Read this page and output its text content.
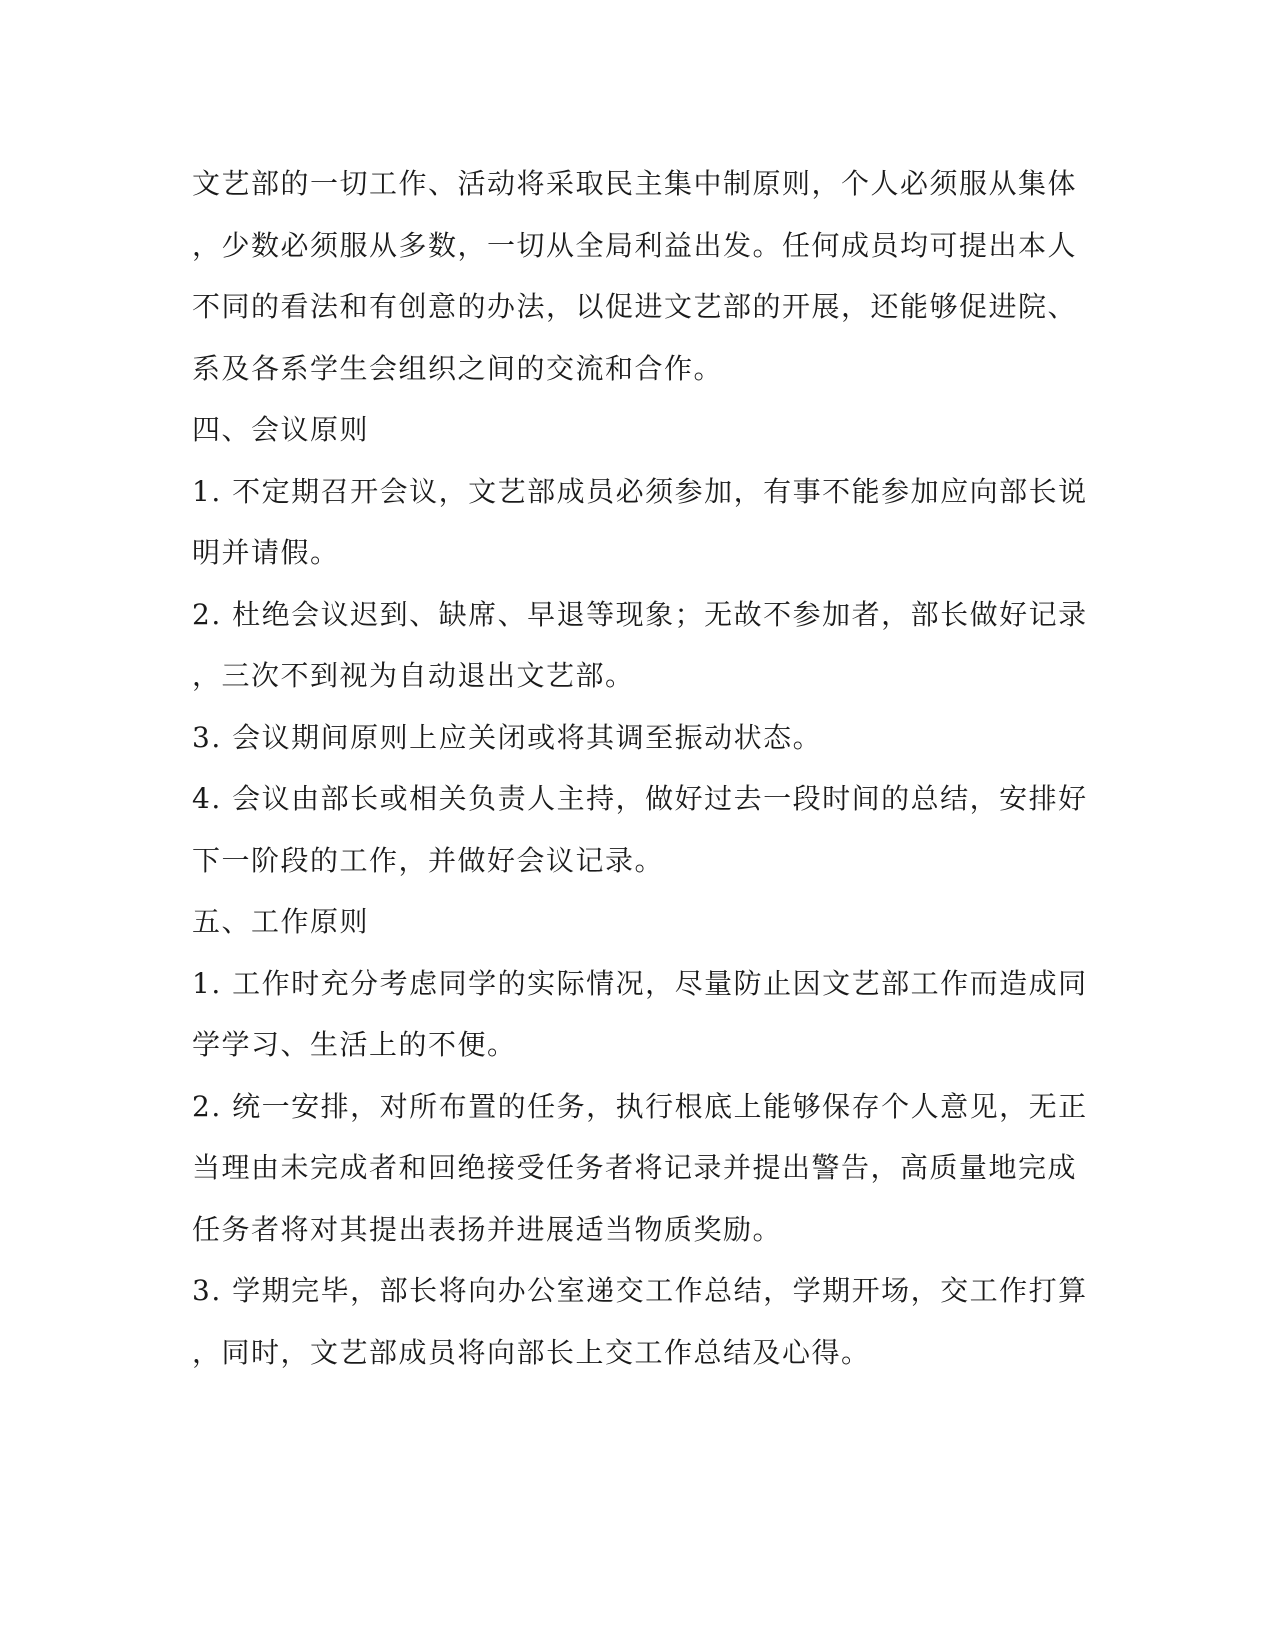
文艺部的一切工作、活动将采取民主集中制原则，个人必须服从集体
，少数必须服从多数，一切从全局利益出发。任何成员均可提出本人
不同的看法和有创意的办法，以促进文艺部的开展，还能够促进院、
系及各系学生会组织之间的交流和合作。
四、会议原则
1. 不定期召开会议，文艺部成员必须参加，有事不能参加应向部长说
明并请假。
2. 杜绝会议迟到、缺席、早退等现象；无故不参加者，部长做好记录
，三次不到视为自动退出文艺部。
3. 会议期间原则上应关闭或将其调至振动状态。
4. 会议由部长或相关负责人主持，做好过去一段时间的总结，安排好
下一阶段的工作，并做好会议记录。
五、工作原则
1. 工作时充分考虑同学的实际情况，尽量防止因文艺部工作而造成同
学学习、生活上的不便。
2. 统一安排，对所布置的任务，执行根底上能够保存个人意见，无正
当理由未完成者和回绝接受任务者将记录并提出警告，高质量地完成
任务者将对其提出表扬并进展适当物质奖励。
3. 学期完毕，部长将向办公室递交工作总结，学期开场，交工作打算
，同时，文艺部成员将向部长上交工作总结及心得。
